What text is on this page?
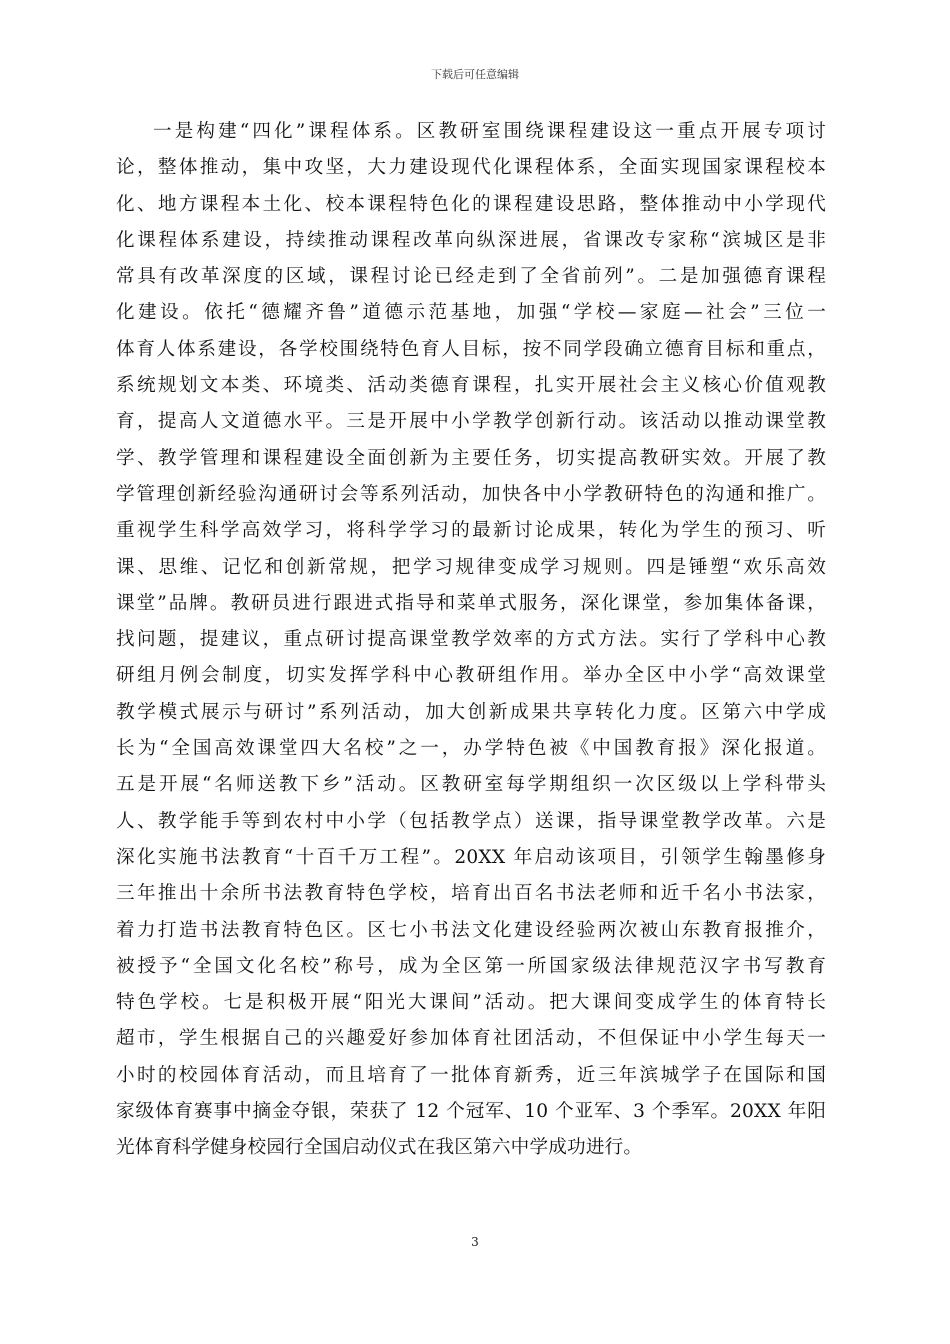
下载后可任意编辑
一是构建“四化”课程体系。区教研室围绕课程建设这一重点开展专项讨
论，整体推动，集中攻坚，大力建设现代化课程体系，全面实现国家课程校本
化、地方课程本土化、校本课程特色化的课程建设思路，整体推动中小学现代
化课程体系建设，持续推动课程改革向纵深进展，省课改专家称“滨城区是非
常具有改革深度的区域，课程讨论已经走到了全省前列”。二是加强德育课程
化建设。依托“德耀齐鲁”道德示范基地，加强“学校—家庭—社会”三位一
体育人体系建设，各学校围绕特色育人目标，按不同学段确立德育目标和重点，
系统规划文本类、环境类、活动类德育课程，扎实开展社会主义核心价值观教
育，提高人文道德水平。三是开展中小学教学创新行动。该活动以推动课堂教
学、教学管理和课程建设全面创新为主要任务，切实提高教研实效。开展了教
学管理创新经验沟通研讨会等系列活动，加快各中小学教研特色的沟通和推广。
重视学生科学高效学习，将科学学习的最新讨论成果，转化为学生的预习、听
课、思维、记忆和创新常规，把学习规律变成学习规则。四是锤塑“欢乐高效
课堂”品牌。教研员进行跟进式指导和菜单式服务，深化课堂，参加集体备课，
找问题，提建议，重点研讨提高课堂教学效率的方式方法。实行了学科中心教
研组月例会制度，切实发挥学科中心教研组作用。举办全区中小学“高效课堂
教学模式展示与研讨”系列活动，加大创新成果共享转化力度。区第六中学成
长为“全国高效课堂四大名校”之一，办学特色被《中国教育报》深化报道。
五是开展“名师送教下乡”活动。区教研室每学期组织一次区级以上学科带头
人、教学能手等到农村中小学（包括教学点）送课，指导课堂教学改革。六是
深化实施书法教育“十百千万工程”。20XX 年启动该项目，引领学生翰墨修身
三年推出十余所书法教育特色学校，培育出百名书法老师和近千名小书法家，
着力打造书法教育特色区。区七小书法文化建设经验两次被山东教育报推介，
被授予“全国文化名校”称号，成为全区第一所国家级法律规范汉字书写教育
特色学校。七是积极开展“阳光大课间”活动。把大课间变成学生的体育特长
超市，学生根据自己的兴趣爱好参加体育社团活动，不但保证中小学生每天一
小时的校园体育活动，而且培育了一批体育新秀，近三年滨城学子在国际和国
家级体育赛事中摘金夺银，荣获了 12 个冠军、10 个亚军、3 个季军。20XX 年阳
光体育科学健身校园行全国启动仪式在我区第六中学成功进行。
3
